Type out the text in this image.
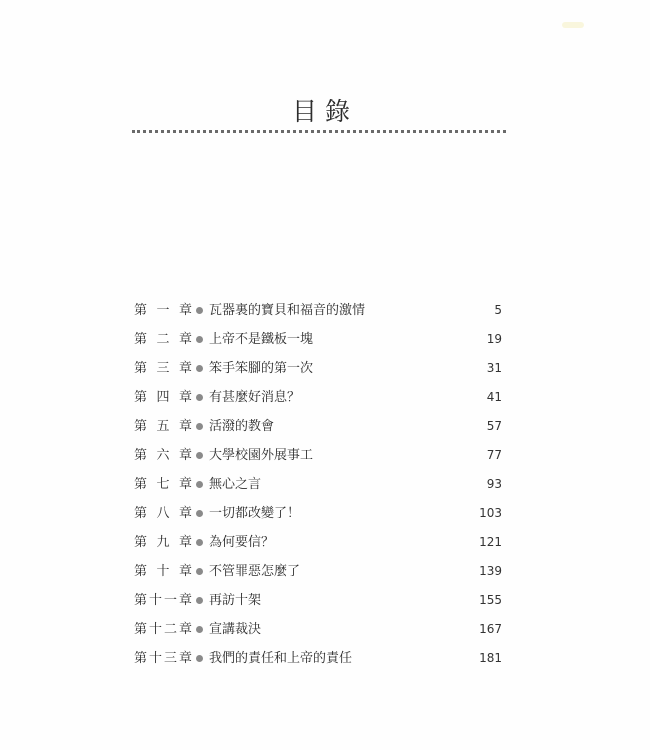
目錄
第一章 瓦器裏的寶貝和福音的激情	5
第二章 上帝不是鐵板一塊	19
第三章 笨手笨腳的第一次	31
第四章 有甚麼好消息？	41
第五章 活潑的教會	57
第六章 大學校園外展事工	77
第七章 無心之言	93
第八章 一切都改變了！	103
第九章 為何要信？	121
第十章 不管罪惡怎麼了	139
第十一章 再訪十架	155
第十二章 宣講裁決	167
第十三章 我們的責任和上帝的責任	181
